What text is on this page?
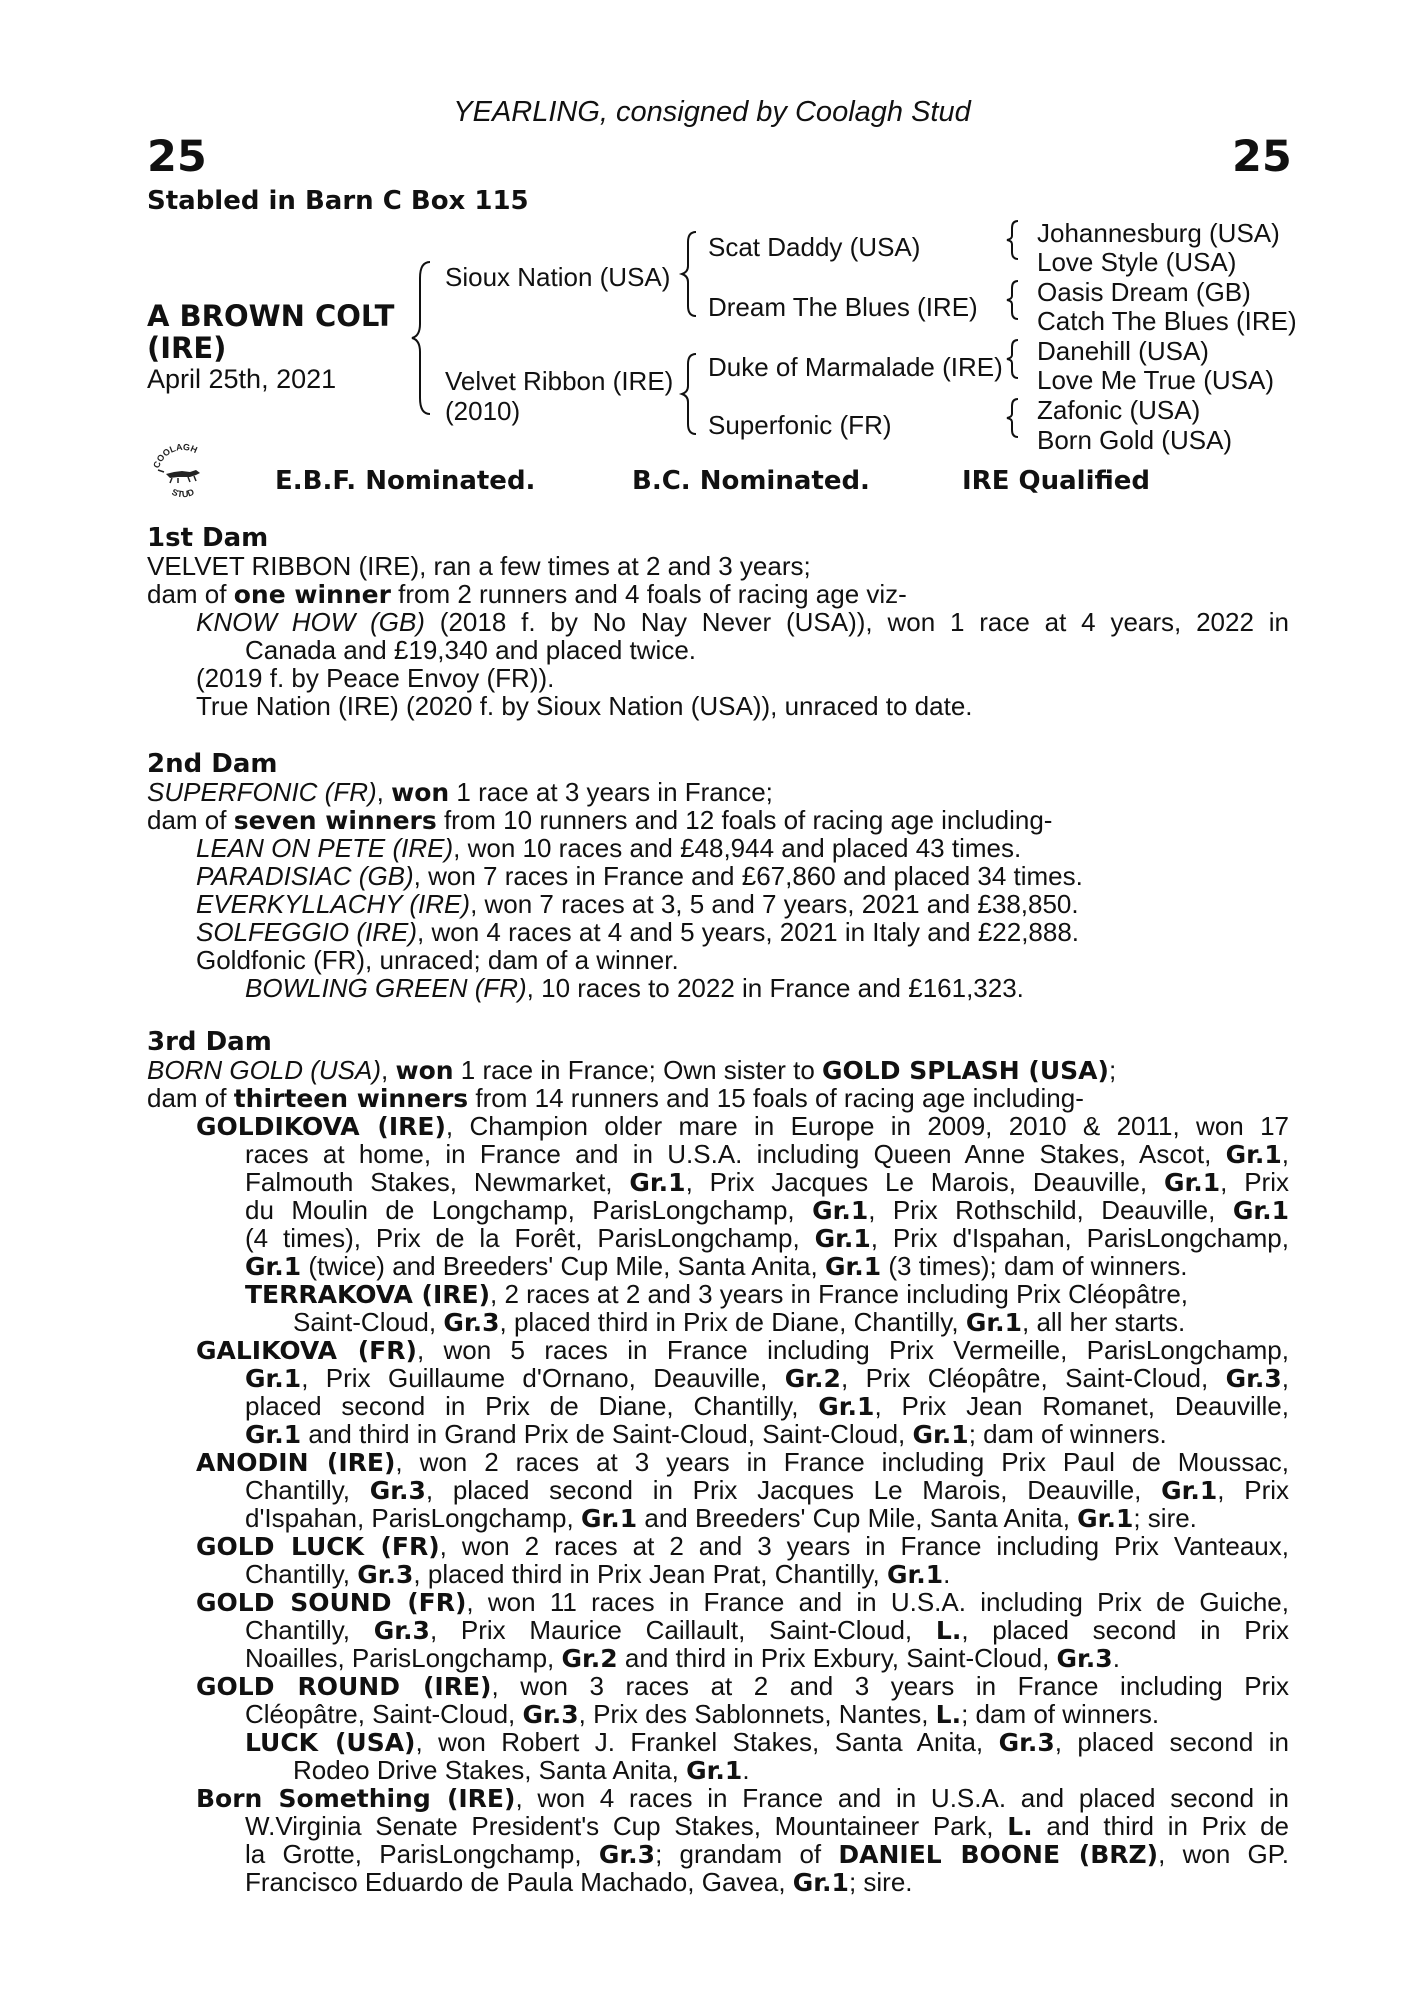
YEARLING, consigned by Coolagh Stud
25	25
Stabled in Barn C Box 115
A BROWN COLT
(IRE)
April 25th, 2021
Sioux Nation (USA)
Velvet Ribbon (IRE)
(2010)
Scat Daddy (USA)
Dream The Blues (IRE)
Duke of Marmalade (IRE)
Superfonic (FR)
Johannesburg (USA)
Love Style (USA)
Oasis Dream (GB)
Catch The Blues (IRE)
Danehill (USA)
Love Me True (USA)
Zafonic (USA)
Born Gold (USA)
COOLAGH
STUD	E.B.F. Nominated.	B.C. Nominated.	IRE Qualified
1st Dam
2nd Dam
3rd Dam
VELVET RIBBON (IRE), ran a few times at 2 and 3 years;
dam of one winner from 2 runners and 4 foals of racing age viz-
KNOW HOW (GB) (2018 f. by No Nay Never (USA)), won 1 race at 4 years, 2022 in
Canada and £19,340 and placed twice.
(2019 f. by Peace Envoy (FR)).
True Nation (IRE) (2020 f. by Sioux Nation (USA)), unraced to date.
SUPERFONIC (FR), won 1 race at 3 years in France;
dam of seven winners from 10 runners and 12 foals of racing age including-
LEAN ON PETE (IRE), won 10 races and £48,944 and placed 43 times.
PARADISIAC (GB), won 7 races in France and £67,860 and placed 34 times.
EVERKYLLACHY (IRE), won 7 races at 3, 5 and 7 years, 2021 and £38,850.
SOLFEGGIO (IRE), won 4 races at 4 and 5 years, 2021 in Italy and £22,888.
Goldfonic (FR), unraced; dam of a winner.
BOWLING GREEN (FR), 10 races to 2022 in France and £161,323.
BORN GOLD (USA), won 1 race in France; Own sister to GOLD SPLASH (USA);
dam of thirteen winners from 14 runners and 15 foals of racing age including-
GOLDIKOVA (IRE), Champion older mare in Europe in 2009, 2010 & 2011, won 17
races at home, in France and in U.S.A. including Queen Anne Stakes, Ascot, Gr.1,
Falmouth Stakes, Newmarket, Gr.1, Prix Jacques Le Marois, Deauville, Gr.1, Prix
du Moulin de Longchamp, ParisLongchamp, Gr.1, Prix Rothschild, Deauville, Gr.1
(4 times), Prix de la Forêt, ParisLongchamp, Gr.1, Prix d'Ispahan, ParisLongchamp,
Gr.1 (twice) and Breeders' Cup Mile, Santa Anita, Gr.1 (3 times); dam of winners.
TERRAKOVA (IRE), 2 races at 2 and 3 years in France including Prix Cléopâtre,
Saint-Cloud, Gr.3, placed third in Prix de Diane, Chantilly, Gr.1, all her starts.
GALIKOVA (FR), won 5 races in France including Prix Vermeille, ParisLongchamp,
Gr.1, Prix Guillaume d'Ornano, Deauville, Gr.2, Prix Cléopâtre, Saint-Cloud, Gr.3,
placed second in Prix de Diane, Chantilly, Gr.1, Prix Jean Romanet, Deauville,
Gr.1 and third in Grand Prix de Saint-Cloud, Saint-Cloud, Gr.1; dam of winners.
ANODIN (IRE), won 2 races at 3 years in France including Prix Paul de Moussac,
Chantilly, Gr.3, placed second in Prix Jacques Le Marois, Deauville, Gr.1, Prix
d'Ispahan, ParisLongchamp, Gr.1 and Breeders' Cup Mile, Santa Anita, Gr.1; sire.
GOLD LUCK (FR), won 2 races at 2 and 3 years in France including Prix Vanteaux,
Chantilly, Gr.3, placed third in Prix Jean Prat, Chantilly, Gr.1.
GOLD SOUND (FR), won 11 races in France and in U.S.A. including Prix de Guiche,
Chantilly, Gr.3, Prix Maurice Caillault, Saint-Cloud, L., placed second in Prix
Noailles, ParisLongchamp, Gr.2 and third in Prix Exbury, Saint-Cloud, Gr.3.
GOLD ROUND (IRE), won 3 races at 2 and 3 years in France including Prix
Cléopâtre, Saint-Cloud, Gr.3, Prix des Sablonnets, Nantes, L.; dam of winners.
LUCK (USA), won Robert J. Frankel Stakes, Santa Anita, Gr.3, placed second in
Rodeo Drive Stakes, Santa Anita, Gr.1.
Born Something (IRE), won 4 races in France and in U.S.A. and placed second in
W.Virginia Senate President's Cup Stakes, Mountaineer Park, L. and third in Prix de
la Grotte, ParisLongchamp, Gr.3; grandam of DANIEL BOONE (BRZ), won GP.
Francisco Eduardo de Paula Machado, Gavea, Gr.1; sire.
